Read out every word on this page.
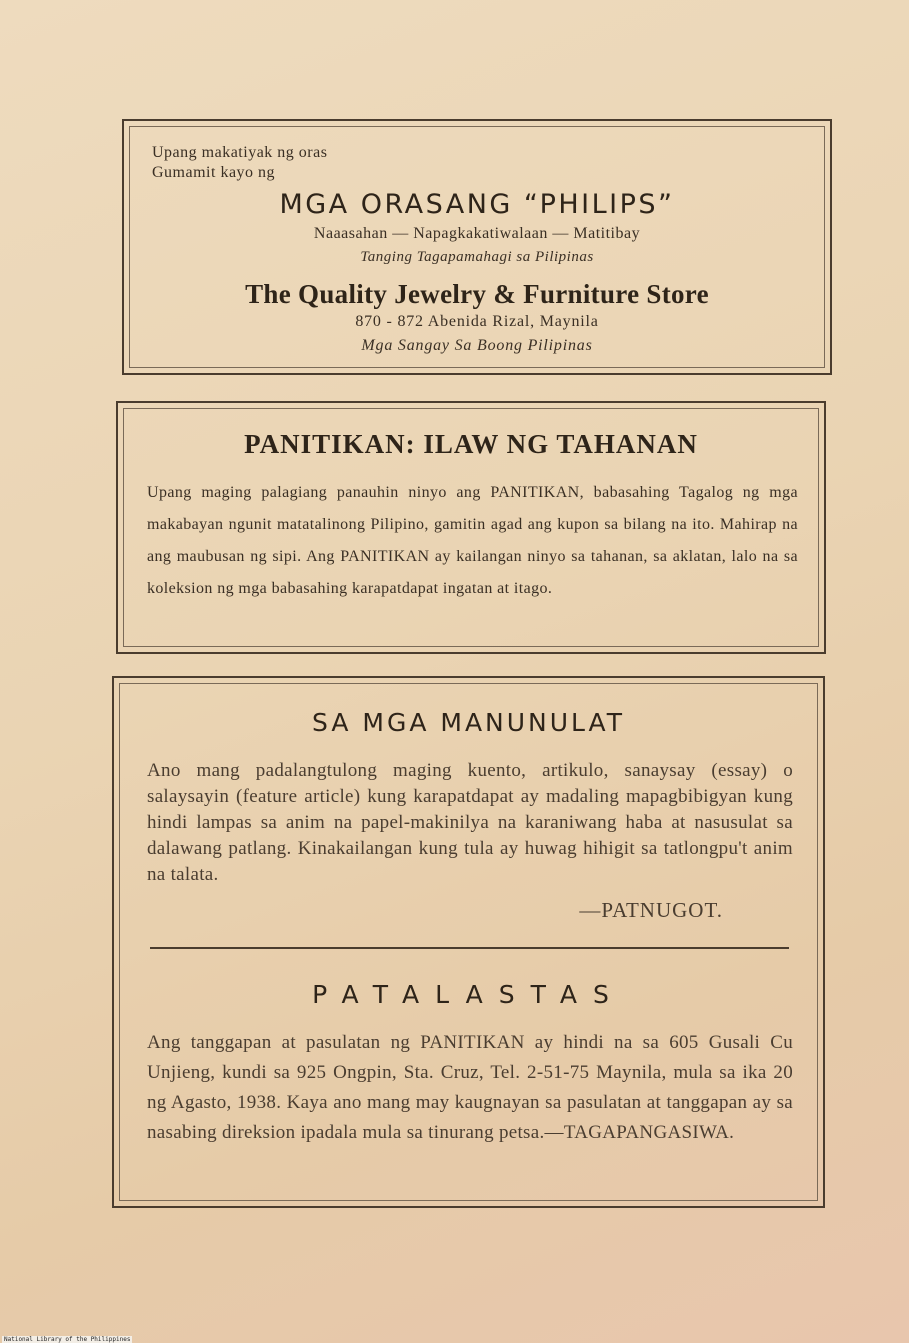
Upang makatiyak ng oras
Gumamit kayo ng
MGA ORASANG “PHILIPS”
Naaasahan — Napagkakatiwalaan — Matitibay
Tanging Tagapamahagi sa Pilipinas
The Quality Jewelry & Furniture Store
870 - 872 Abenida Rizal, Maynila
Mga Sangay Sa Boong Pilipinas
PANITIKAN: ILAW NG TAHANAN
Upang maging palagiang panauhin ninyo ang PANITIKAN, babasahing Tagalog ng mga makabayan ngunit matatalinong Pilipino, gamitin agad ang kupon sa bilang na ito. Mahirap na ang maubusan ng sipi. Ang PANITIKAN ay kailangan ninyo sa tahanan, sa aklatan, lalo na sa koleksion ng mga babasahing karapatdapat ingatan at itago.
SA MGA MANUNULAT
Ano mang padalangtulong maging kuento, artikulo, sanaysay (essay) o salaysayin (feature article) kung karapatdapat ay madaling mapagbibigyan kung hindi lampas sa anim na papel-makinilya na karaniwang haba at nasusulat sa dalawang patlang. Kinakailangan kung tula ay huwag hihigit sa tatlongpu't anim na talata.
—PATNUGOT.
PATALASTAS
Ang tanggapan at pasulatan ng PANITIKAN ay hindi na sa 605 Gusali Cu Unjieng, kundi sa 925 Ongpin, Sta. Cruz, Tel. 2-51-75 Maynila, mula sa ika 20 ng Agasto, 1938. Kaya ano mang may kaugnayan sa pasulatan at tanggapan ay sa nasabing direksion ipadala mula sa tinurang petsa.—TAGAPANGASIWA.
National Library of the Philippines
